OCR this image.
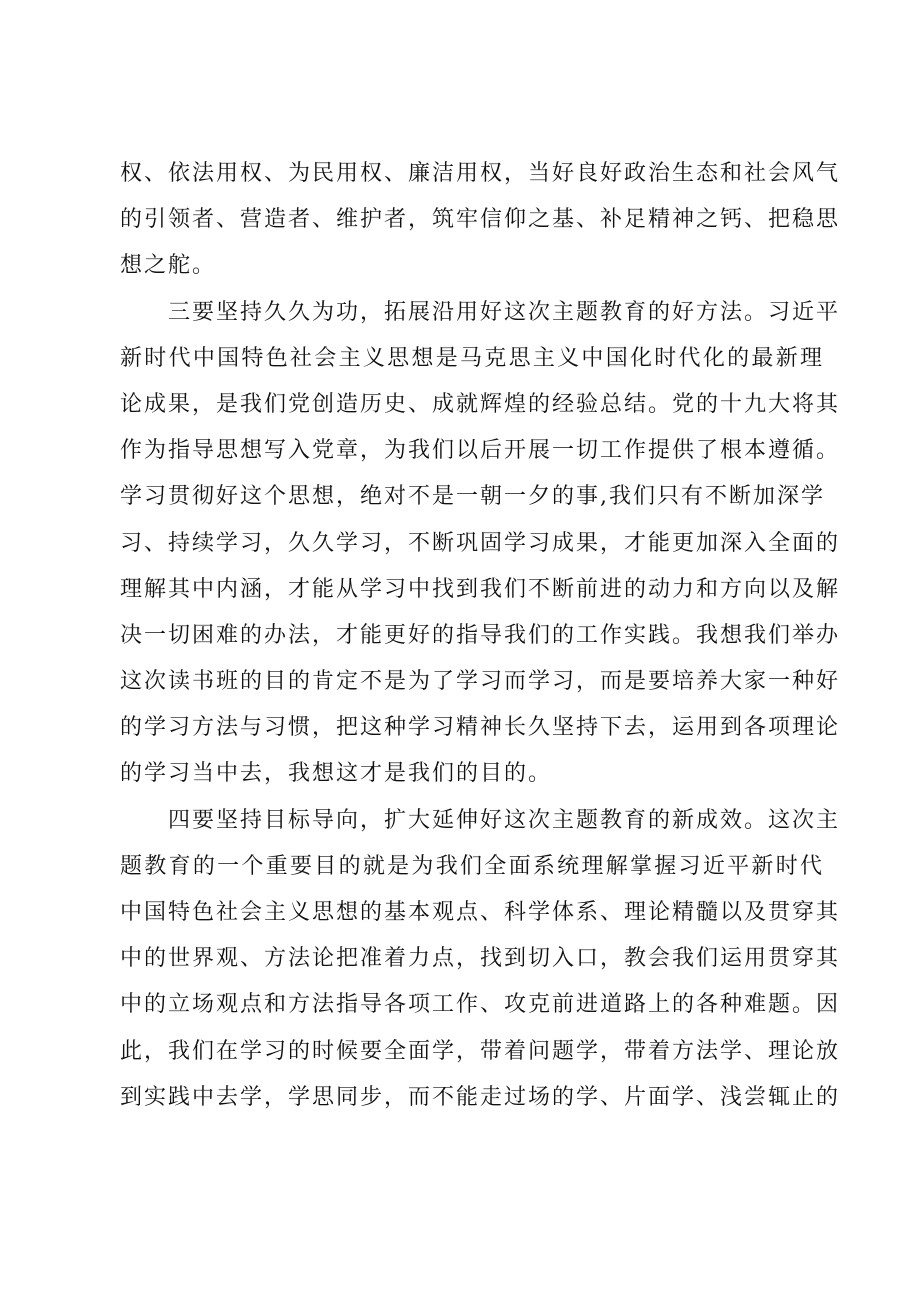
权、依法用权、为民用权、廉洁用权，当好良好政治生态和社会风气
的引领者、营造者、维护者，筑牢信仰之基、补足精神之钙、把稳思
想之舵。
三要坚持久久为功，拓展沿用好这次主题教育的好方法。习近平
新时代中国特色社会主义思想是马克思主义中国化时代化的最新理
论成果，是我们党创造历史、成就辉煌的经验总结。党的十九大将其
作为指导思想写入党章，为我们以后开展一切工作提供了根本遵循。
学习贯彻好这个思想，绝对不是一朝一夕的事,我们只有不断加深学
习、持续学习，久久学习，不断巩固学习成果，才能更加深入全面的
理解其中内涵，才能从学习中找到我们不断前进的动力和方向以及解
决一切困难的办法，才能更好的指导我们的工作实践。我想我们举办
这次读书班的目的肯定不是为了学习而学习，而是要培养大家一种好
的学习方法与习惯，把这种学习精神长久坚持下去，运用到各项理论
的学习当中去，我想这才是我们的目的。
四要坚持目标导向，扩大延伸好这次主题教育的新成效。这次主
题教育的一个重要目的就是为我们全面系统理解掌握习近平新时代
中国特色社会主义思想的基本观点、科学体系、理论精髓以及贯穿其
中的世界观、方法论把准着力点，找到切入口，教会我们运用贯穿其
中的立场观点和方法指导各项工作、攻克前进道路上的各种难题。因
此，我们在学习的时候要全面学，带着问题学，带着方法学、理论放
到实践中去学，学思同步，而不能走过场的学、片面学、浅尝辄止的
